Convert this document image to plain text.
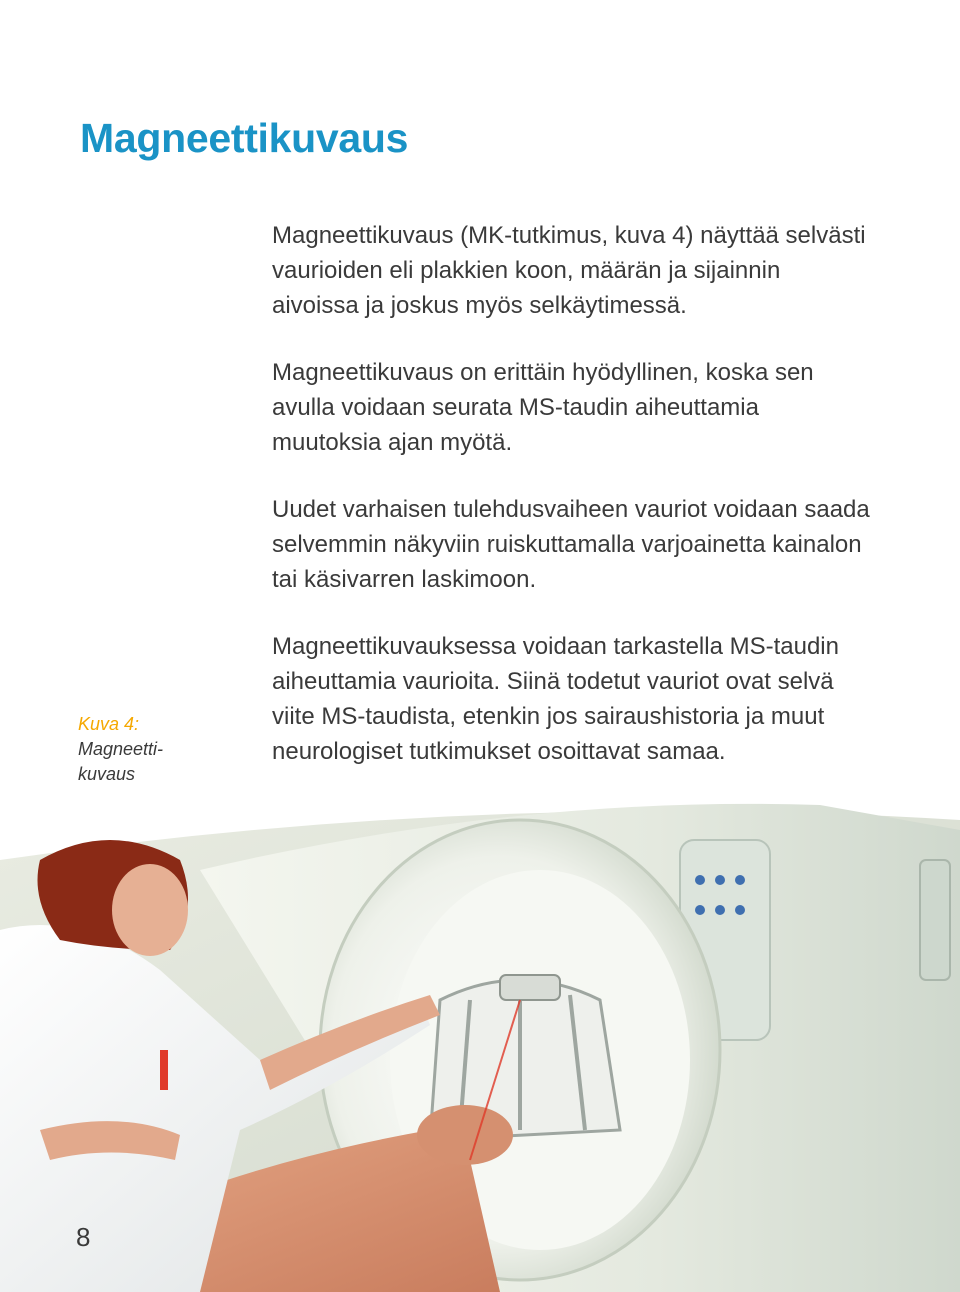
Magneettikuvaus

Magneettikuvaus (MK-tutkimus, kuva 4) näyttää selvästi vaurioiden eli plakkien koon, määrän ja sijainnin aivoissa ja joskus myös selkäytimessä.

Magneettikuvaus on erittäin hyödyllinen, koska sen avulla voidaan seurata MS-taudin aiheuttamia muutoksia ajan myötä.

Uudet varhaisen tulehdusvaiheen vauriot voidaan saada selvemmin näkyviin ruiskuttamalla varjoainetta kainalon tai käsivarren laskimoon.

Magneettikuvauksessa voidaan tarkastella MS-taudin aiheuttamia vaurioita. Siinä todetut vauriot ovat selvä viite MS-taudista, etenkin jos sairaushistoria ja muut neurologiset tutkimukset osoittavat samaa.

Kuva 4:
Magneetti-kuvaus
8
